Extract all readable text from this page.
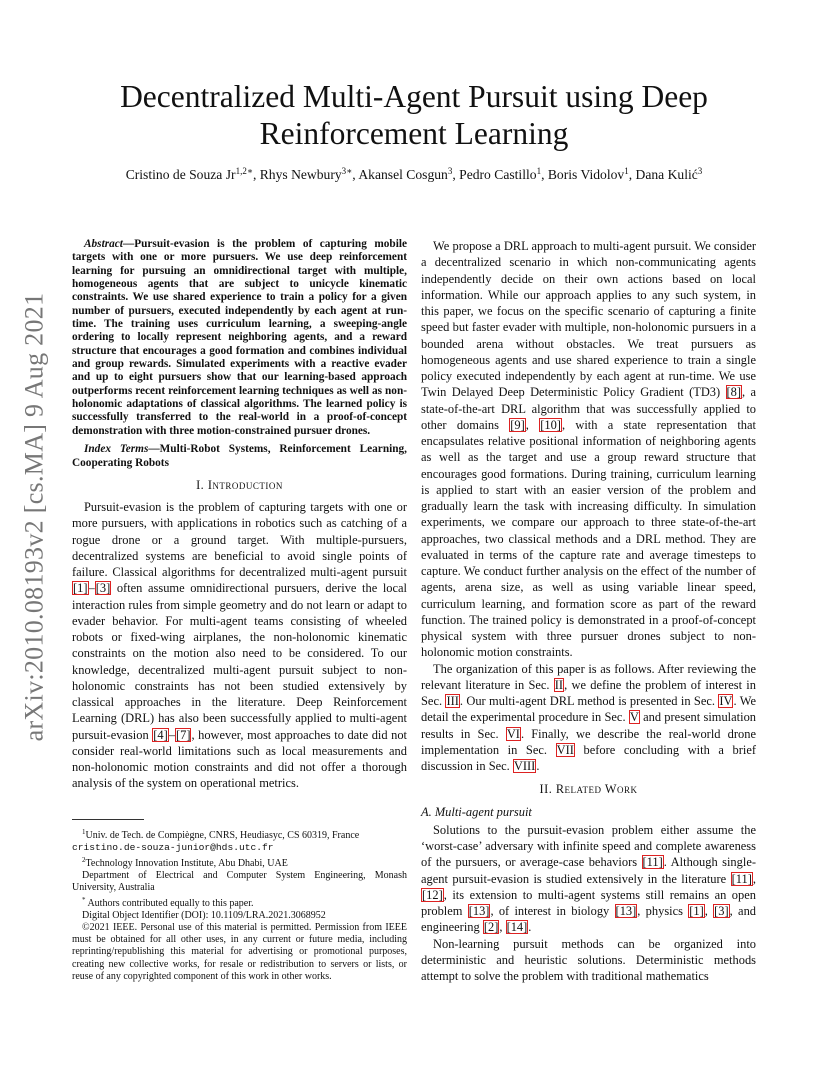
arXiv:2010.08193v2 [cs.MA] 9 Aug 2021
Decentralized Multi-Agent Pursuit using Deep
Reinforcement Learning
Cristino de Souza $Jr^{1,2∗}$, Rhys Newbury$^{3∗}$, Akansel Cosgun$^3$, Pedro Castillo$^1$, Boris Vidolov$^1$, Dana Kulić$^3$

Abstract—Pursuit-evasion is the problem of capturing mobile targets with one or more pursuers. We use deep reinforcement learning for pursuing an omnidirectional target with multiple, homogeneous agents that are subject to unicycle kinematic constraints. We use shared experience to train a policy for a given number of pursuers, executed independently by each agent at run-time. The training uses curriculum learning, a sweeping-angle ordering to locally represent neighboring agents, and a reward structure that encourages a good formation and combines individual and group rewards. Simulated experiments with a reactive evader and up to eight pursuers show that our learning-based approach outperforms recent reinforcement learning techniques as well as non-holonomic adaptations of classical algorithms. The learned policy is successfully transferred to the real-world in a proof-of-concept demonstration with three motion-constrained pursuer drones.

Index Terms—Multi-Robot Systems, Reinforcement Learning, Cooperating Robots

I. Introduction

Pursuit-evasion is the problem of capturing targets with one or more pursuers, with applications in robotics such as catching of a rogue drone or a ground target. With multiple-pursuers, decentralized systems are beneficial to avoid single points of failure. Classical algorithms for decentralized multi-agent pursuit [1]–[3] often assume omnidirectional pursuers, derive the local interaction rules from simple geometry and do not learn or adapt to evader behavior. For multi-agent teams consisting of wheeled robots or fixed-wing airplanes, the non-holonomic kinematic constraints on the motion also need to be considered. To our knowledge, decentralized multi-agent pursuit subject to non-holonomic constraints has not been studied extensively by classical approaches in the literature. Deep Reinforcement Learning (DRL) has also been successfully applied to multi-agent pursuit-evasion [4]–[7], however, most approaches to date did not consider real-world limitations such as local measurements and non-holonomic motion constraints and did not offer a thorough analysis of the system on operational metrics.

$^1$Univ. de Tech. de Compiègne, CNRS, Heudiasyc, CS 60319, France
cristino.de-souza-junior@hds.utc.fr

$^2$Technology Innovation Institute, Abu Dhabi, UAE

Department of Electrical and Computer System Engineering, Monash University, Australia

* Authors contributed equally to this paper.

Digital Object Identifier (DOI): 10.1109/LRA.2021.3068952

©2021 IEEE. Personal use of this material is permitted. Permission from IEEE must be obtained for all other uses, in any current or future media, including reprinting/republishing this material for advertising or promotional purposes, creating new collective works, for resale or redistribution to servers or lists, or reuse of any copyrighted component of this work in other works.

We propose a DRL approach to multi-agent pursuit. We consider a decentralized scenario in which non-communicating agents independently decide on their own actions based on local information. While our approach applies to any such system, in this paper, we focus on the specific scenario of capturing a finite speed but faster evader with multiple, non-holonomic pursuers in a bounded arena without obstacles. We treat pursuers as homogeneous agents and use shared experience to train a single policy executed independently by each agent at run-time. We use Twin Delayed Deep Deterministic Policy Gradient (TD3) [8], a state-of-the-art DRL algorithm that was successfully applied to other domains [9], [10], with a state representation that encapsulates relative positional information of neighboring agents as well as the target and use a group reward structure that encourages good formations. During training, curriculum learning is applied to start with an easier version of the problem and gradually learn the task with increasing difficulty. In simulation experiments, we compare our approach to three state-of-the-art approaches, two classical methods and a DRL method. They are evaluated in terms of the capture rate and average timesteps to capture. We conduct further analysis on the effect of the number of agents, arena size, as well as using variable linear speed, curriculum learning, and formation score as part of the reward function. The trained policy is demonstrated in a proof-of-concept physical system with three pursuer drones subject to non-holonomic motion constraints.

The organization of this paper is as follows. After reviewing the relevant literature in Sec. II, we define the problem of interest in Sec. III. Our multi-agent DRL method is presented in Sec. IV. We detail the experimental procedure in Sec. V and present simulation results in Sec. VI. Finally, we describe the real-world drone implementation in Sec. VII before concluding with a brief discussion in Sec. VIII.

II. Related Work

A. Multi-agent pursuit

Solutions to the pursuit-evasion problem either assume the ‘worst-case’ adversary with infinite speed and complete awareness of the pursuers, or average-case behaviors [11]. Although single-agent pursuit-evasion is studied extensively in the literature [11], [12], its extension to multi-agent systems still remains an open problem [13], of interest in biology [13], physics [1], [3], and engineering [2], [14].

Non-learning pursuit methods can be organized into deterministic and heuristic solutions. Deterministic methods attempt to solve the problem with traditional mathematics
